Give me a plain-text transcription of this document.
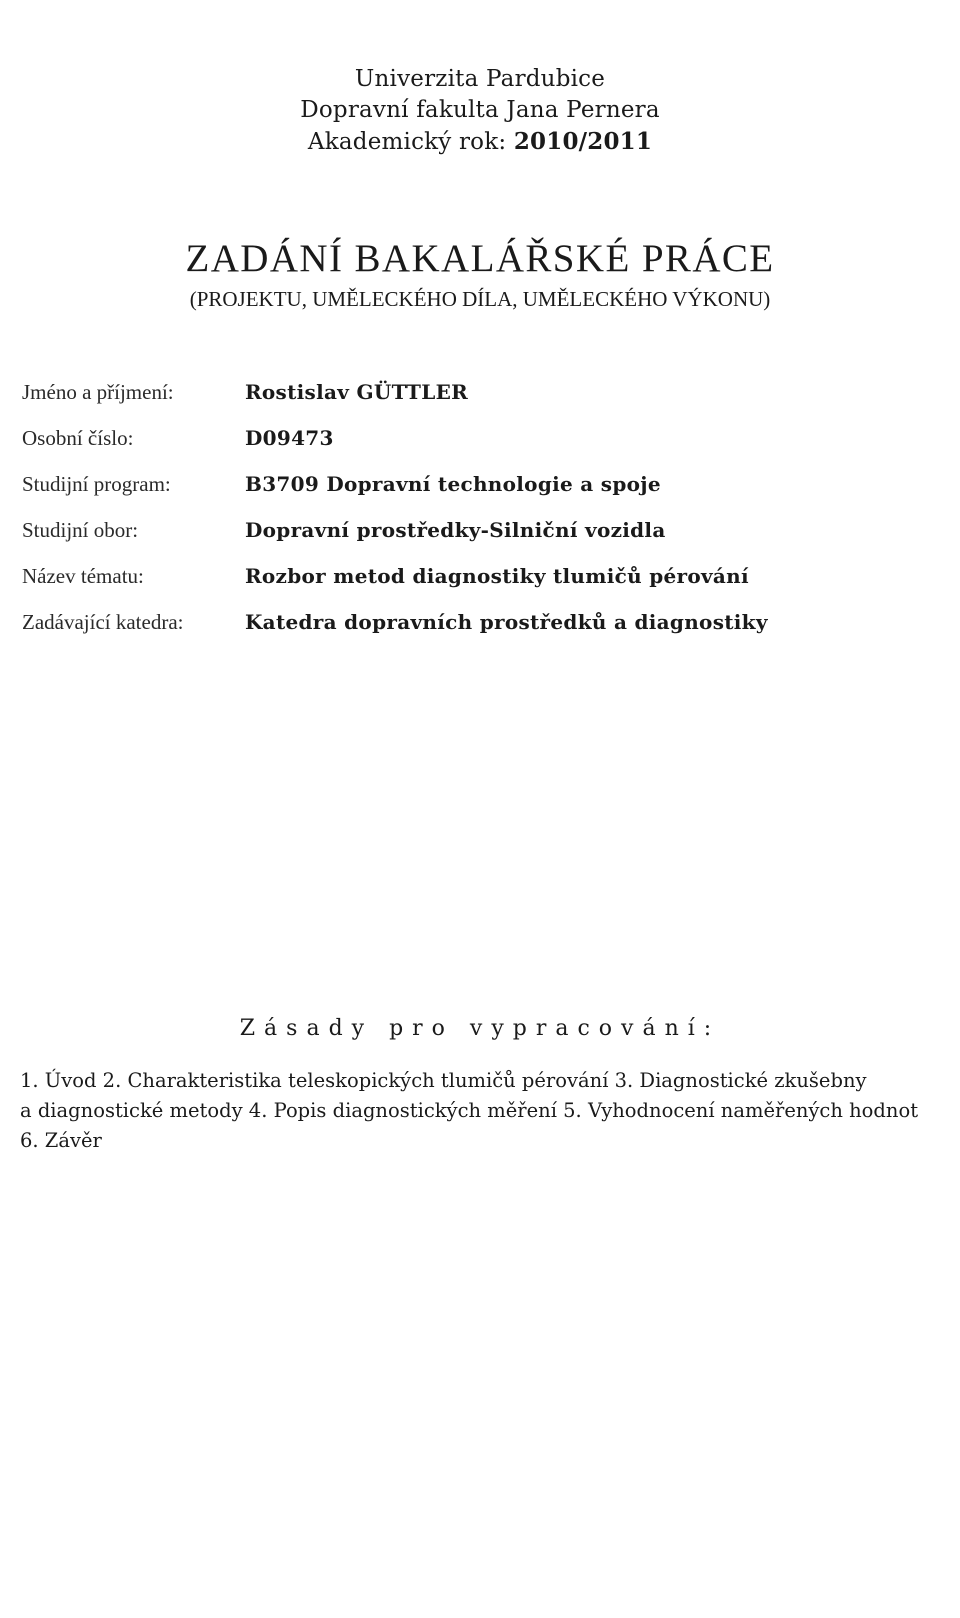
Univerzita Pardubice
Dopravní fakulta Jana Pernera
Akademický rok: 2010/2011
ZADÁNÍ BAKALÁŘSKÉ PRÁCE
(PROJEKTU, UMĚLECKÉHO DÍLA, UMĚLECKÉHO VÝKONU)
Jméno a příjmení:	Rostislav GÜTTLER
Osobní číslo:	D09473
Studijní program:	B3709 Dopravní technologie a spoje
Studijní obor:	Dopravní prostředky-Silniční vozidla
Název tématu:	Rozbor metod diagnostiky tlumičů pérování
Zadávající katedra:	Katedra dopravních prostředků a diagnostiky
Zásady pro vypracování:
1. Úvod 2. Charakteristika teleskopických tlumičů pérování 3. Diagnostické zkušebny
a diagnostické metody 4. Popis diagnostických měření 5. Vyhodnocení naměřených hodnot
6. Závěr
